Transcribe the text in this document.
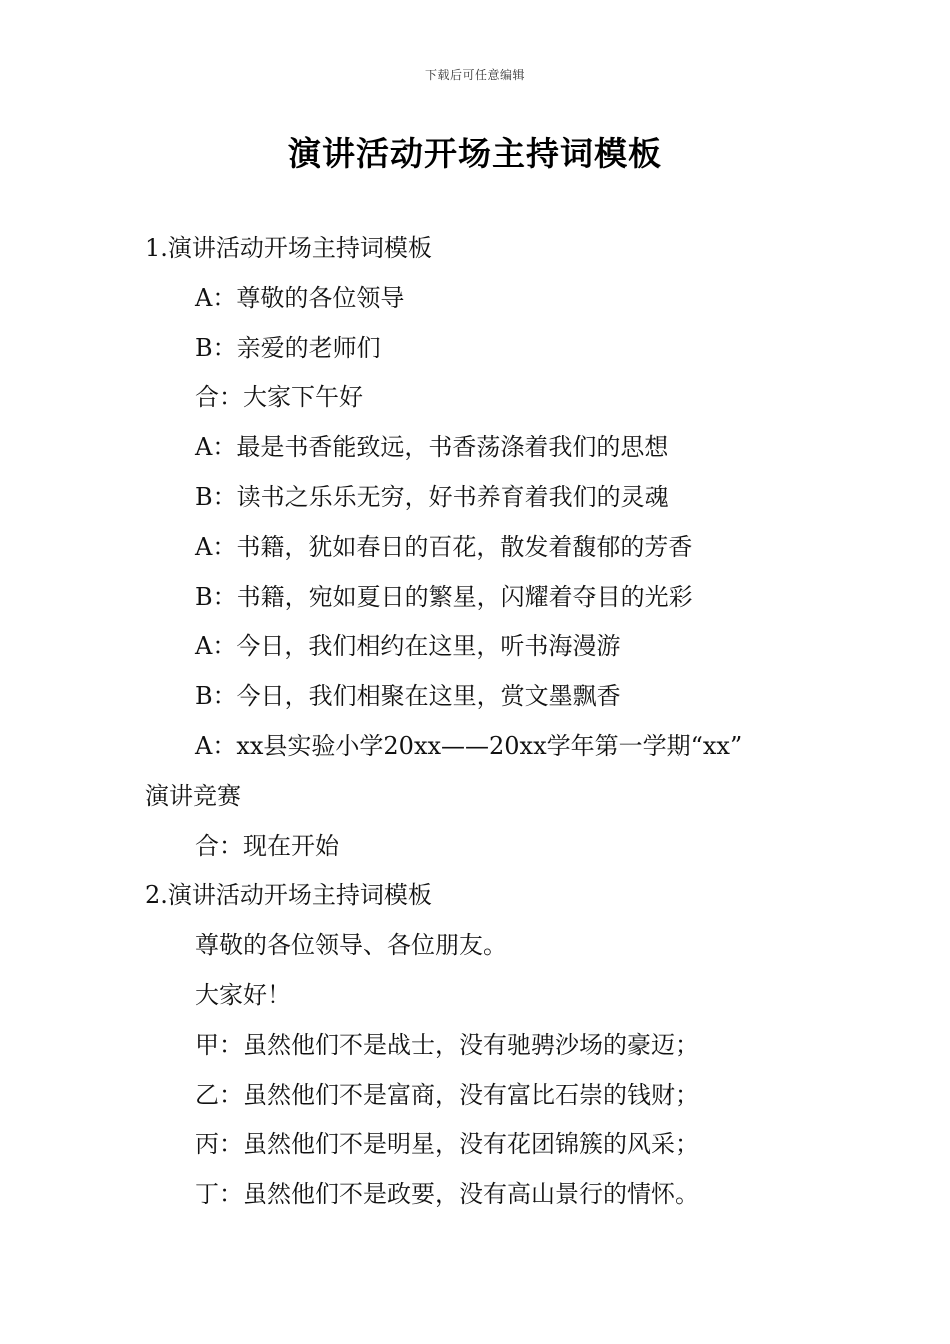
下载后可任意编辑
演讲活动开场主持词模板

1.演讲活动开场主持词模板

A：尊敬的各位领导

B：亲爱的老师们

合：大家下午好

A：最是书香能致远，书香荡涤着我们的思想

B：读书之乐乐无穷，好书养育着我们的灵魂

A：书籍，犹如春日的百花，散发着馥郁的芳香

B：书籍，宛如夏日的繁星，闪耀着夺目的光彩

A：今日，我们相约在这里，听书海漫游

B：今日，我们相聚在这里，赏文墨飘香

A：xx县实验小学20xx——20xx学年第一学期“xx”

演讲竞赛

合：现在开始

2.演讲活动开场主持词模板

尊敬的各位领导、各位朋友。

大家好！

甲：虽然他们不是战士，没有驰骋沙场的豪迈；

乙：虽然他们不是富商，没有富比石崇的钱财；

丙：虽然他们不是明星，没有花团锦簇的风采；

丁：虽然他们不是政要，没有高山景行的情怀。
